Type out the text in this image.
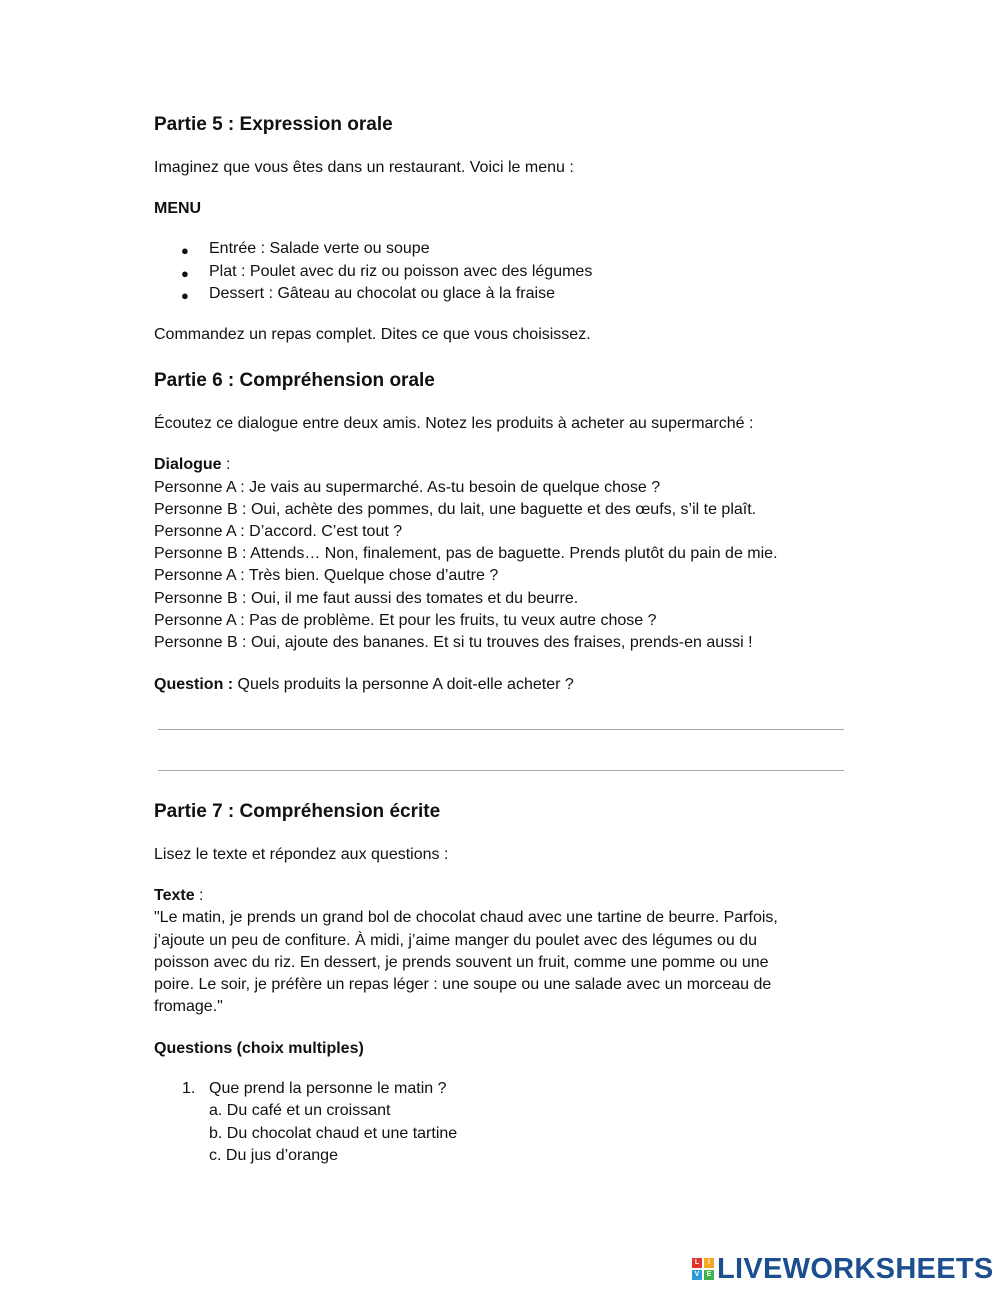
Partie 5 : Expression orale
Imaginez que vous êtes dans un restaurant. Voici le menu :
MENU
● Entrée : Salade verte ou soupe
● Plat : Poulet avec du riz ou poisson avec des légumes
● Dessert : Gâteau au chocolat ou glace à la fraise
Commandez un repas complet. Dites ce que vous choisissez.
Partie 6 : Compréhension orale
Écoutez ce dialogue entre deux amis. Notez les produits à acheter au supermarché :
Dialogue :
Personne A : Je vais au supermarché. As-tu besoin de quelque chose ?
Personne B : Oui, achète des pommes, du lait, une baguette et des œufs, s’il te plaît.
Personne A : D’accord. C’est tout ?
Personne B : Attends… Non, finalement, pas de baguette. Prends plutôt du pain de mie.
Personne A : Très bien. Quelque chose d’autre ?
Personne B : Oui, il me faut aussi des tomates et du beurre.
Personne A : Pas de problème. Et pour les fruits, tu veux autre chose ?
Personne B : Oui, ajoute des bananes. Et si tu trouves des fraises, prends-en aussi !
Question : Quels produits la personne A doit-elle acheter ?
Partie 7 : Compréhension écrite
Lisez le texte et répondez aux questions :
Texte :
"Le matin, je prends un grand bol de chocolat chaud avec une tartine de beurre. Parfois,
j’ajoute un peu de confiture. À midi, j’aime manger du poulet avec des légumes ou du
poisson avec du riz. En dessert, je prends souvent un fruit, comme une pomme ou une
poire. Le soir, je préfère un repas léger : une soupe ou une salade avec un morceau de
fromage."
Questions (choix multiples)
1. Que prend la personne le matin ?
a. Du café et un croissant
b. Du chocolat chaud et une tartine
c. Du jus d’orange
L	I
V	E LIVEWORKSHEETS
